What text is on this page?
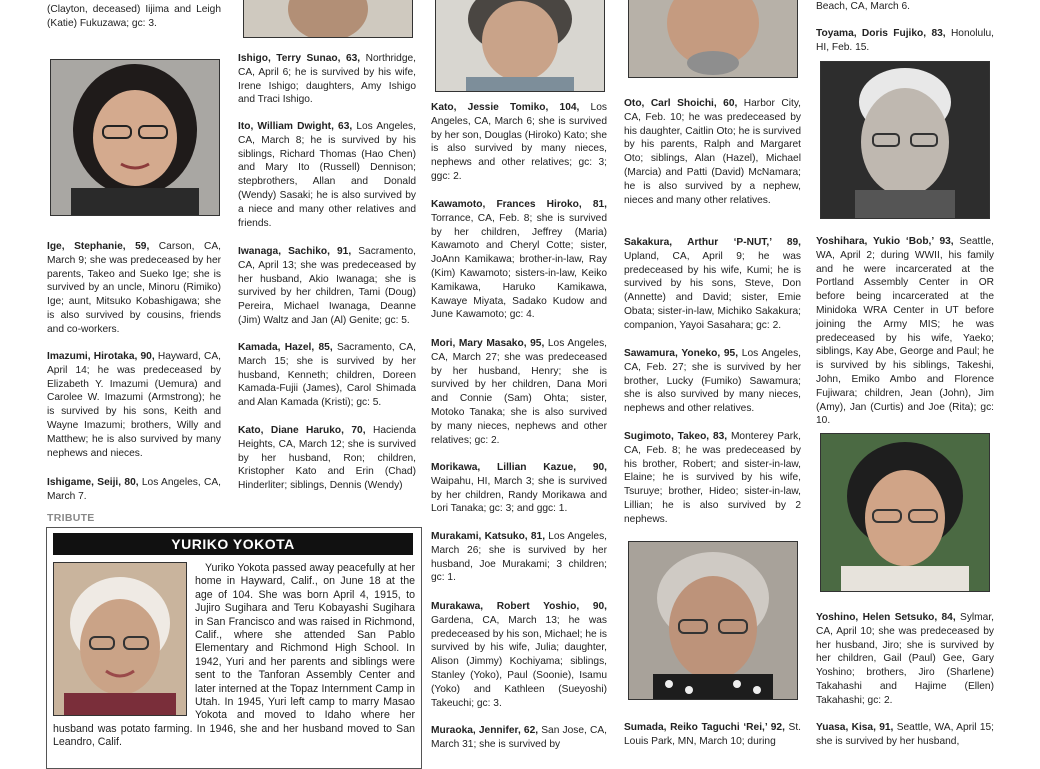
(Clayton, deceased) Iijima and Leigh (Katie) Fukuzawa; gc: 3.
Ige, Stephanie, 59, Carson, CA, March 9; she was predeceased by her parents, Takeo and Sueko Ige; she is survived by an uncle, Minoru (Rimiko) Ige; aunt, Mitsuko Kobashigawa; she is also survived by cousins, friends and co-workers.
Imazumi, Hirotaka, 90, Hayward, CA, April 14; he was predeceased by Elizabeth Y. Imazumi (Uemura) and Carolee W. Imazumi (Armstrong); he is survived by his sons, Keith and Wayne Imazumi; brothers, Willy and Matthew; he is also survived by many nephews and nieces.
Ishigame, Seiji, 80, Los Angeles, CA, March 7.
Ishigo, Terry Sunao, 63, Northridge, CA, April 6; he is survived by his wife, Irene Ishigo; daughters, Amy Ishigo and Traci Ishigo.
Ito, William Dwight, 63, Los Angeles, CA, March 8; he is survived by his siblings, Richard Thomas (Hao Chen) and Mary Ito (Russell) Dennison; stepbrothers, Allan and Donald (Wendy) Sasaki; he is also survived by a niece and many other relatives and friends.
Iwanaga, Sachiko, 91, Sacramento, CA, April 13; she was predeceased by her husband, Akio Iwanaga; she is survived by her children, Tami (Doug) Pereira, Michael Iwanaga, Deanne (Jim) Waltz and Jan (Al) Genite; gc: 5.
Kamada, Hazel, 85, Sacramento, CA, March 15; she is survived by her husband, Kenneth; children, Doreen Kamada-Fujii (James), Carol Shimada and Alan Kamada (Kristi); gc: 5.
Kato, Diane Haruko, 70, Hacienda Heights, CA, March 12; she is survived by her husband, Ron; children, Kristopher Kato and Erin (Chad) Hinderliter; siblings, Dennis (Wendy)
Kato, Jessie Tomiko, 104, Los Angeles, CA, March 6; she is survived by her son, Douglas (Hiroko) Kato; she is also survived by many nieces, nephews and other relatives; gc: 3; ggc: 2.
Kawamoto, Frances Hiroko, 81, Torrance, CA, Feb. 8; she is survived by her children, Jeffrey (Maria) Kawamoto and Cheryl Cotte; sister, JoAnn Kamikawa; brother-in-law, Ray (Kim) Kawamoto; sisters-in-law, Keiko Kamikawa, Haruko Kamikawa, Kawaye Miyata, Sadako Kudow and June Kawamoto; gc: 4.
Mori, Mary Masako, 95, Los Angeles, CA, March 27; she was predeceased by her husband, Henry; she is survived by her children, Dana Mori and Connie (Sam) Ohta; sister, Motoko Tanaka; she is also survived by many nieces, nephews and other relatives; gc: 2.
Morikawa, Lillian Kazue, 90, Waipahu, HI, March 3; she is survived by her children, Randy Morikawa and Lori Tanaka; gc: 3; and ggc: 1.
Murakami, Katsuko, 81, Los Angeles, March 26; she is survived by her husband, Joe Murakami; 3 children; gc: 1.
Murakawa, Robert Yoshio, 90, Gardena, CA, March 13; he was predeceased by his son, Michael; he is survived by his wife, Julia; daughter, Alison (Jimmy) Kochiyama; siblings, Stanley (Yoko), Paul (Soonie), Isamu (Yoko) and Kathleen (Sueyoshi) Takeuchi; gc: 3.
Muraoka, Jennifer, 62, San Jose, CA, March 31; she is survived by
Oto, Carl Shoichi, 60, Harbor City, CA, Feb. 10; he was predeceased by his daughter, Caitlin Oto; he is survived by his parents, Ralph and Margaret Oto; siblings, Alan (Hazel), Michael (Marcia) and Patti (David) McNamara; he is also survived by a nephew, nieces and many other relatives.
Sakakura, Arthur ‘P-NUT,’ 89, Upland, CA, April 9; he was predeceased by his wife, Kumi; he is survived by his sons, Steve, Don (Annette) and David; sister, Emie Obata; sister-in-law, Michiko Sakakura; companion, Yayoi Sasahara; gc: 2.
Sawamura, Yoneko, 95, Los Angeles, CA, Feb. 27; she is survived by her brother, Lucky (Fumiko) Sawamura; she is also survived by many nieces, nephews and other relatives.
Sugimoto, Takeo, 83, Monterey Park, CA, Feb. 8; he was predeceased by his brother, Robert; and sister-in-law, Elaine; he is survived by his wife, Tsuruye; brother, Hideo; sister-in-law, Lillian; he is also survived by 2 nephews.
Sumada, Reiko Taguchi ‘Rei,’ 92, St. Louis Park, MN, March 10; during
Beach, CA, March 6.
Toyama, Doris Fujiko, 83, Honolulu, HI, Feb. 15.
Yoshihara, Yukio ‘Bob,’ 93, Seattle, WA, April 2; during WWII, his family and he were incarcerated at the Portland Assembly Center in OR before being incarcerated at the Minidoka WRA Center in UT before joining the Army MIS; he was predeceased by his wife, Yaeko; siblings, Kay Abe, George and Paul; he is survived by his siblings, Takeshi, John, Emiko Ambo and Florence Fujiwara; children, Jean (John), Jim (Amy), Jan (Curtis) and Joe (Rita); gc: 10.
Yoshino, Helen Setsuko, 84, Sylmar, CA, April 10; she was predeceased by her husband, Jiro; she is survived by her children, Gail (Paul) Gee, Gary Yoshino; brothers, Jiro (Sharlene) Takahashi and Hajime (Ellen) Takahashi; gc: 2.
Yuasa, Kisa, 91, Seattle, WA, April 15; she is survived by her husband,
TRIBUTE
YURIKO YOKOTA
Yuriko Yokota passed away peacefully at her home in Hayward, Calif., on June 18 at the age of 104. She was born April 4, 1915, to Jujiro Sugihara and Teru Kobayashi Sugihara in San Francisco and was raised in Richmond, Calif., where she attended San Pablo Elementary and Richmond High School. In 1942, Yuri and her parents and siblings were sent to the Tanforan Assembly Center and later interned at the Topaz Internment Camp in Utah. In 1945, Yuri left camp to marry Masao Yokota and moved to Idaho where her husband was potato farming. In 1946, she and her husband moved to San Leandro, Calif.
